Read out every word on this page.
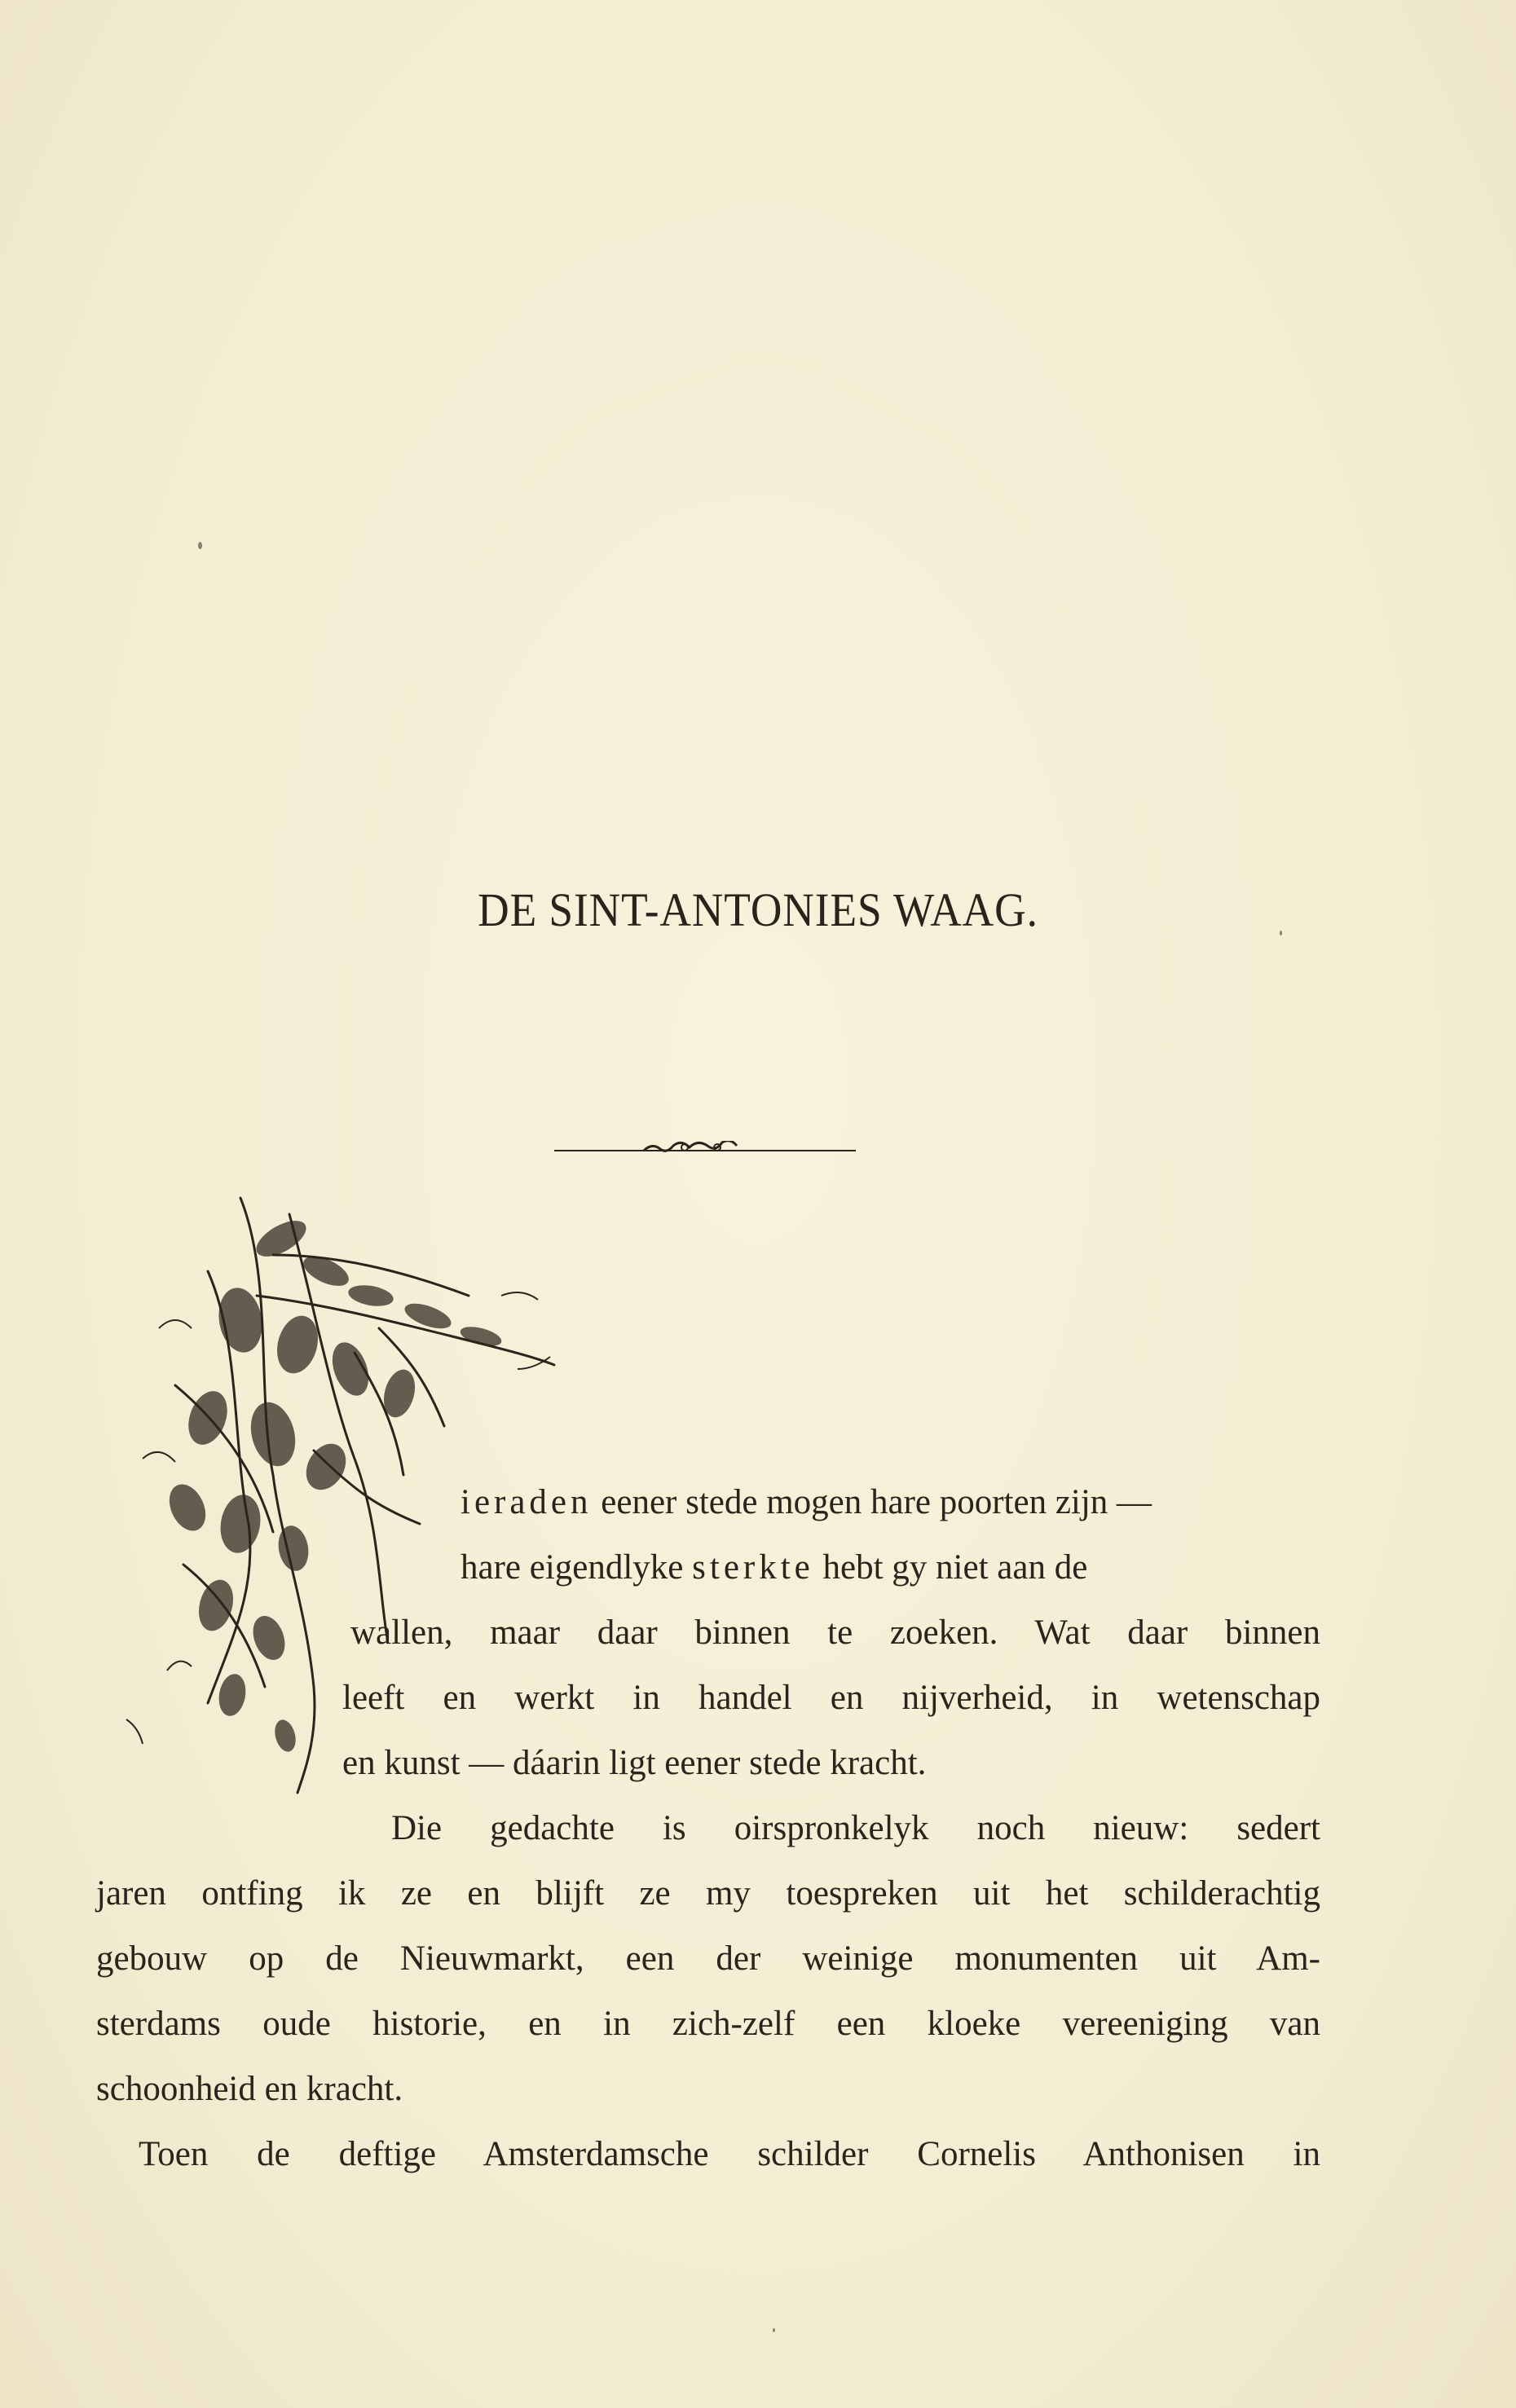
DE SINT-ANTONIES WAAG.
ieraden eener stede mogen hare poorten zijn —
hare eigendlyke sterkte hebt gy niet aan de
wallen, maar daar binnen te zoeken. Wat daar binnen
leeft en werkt in handel en nijverheid, in wetenschap
en kunst — dáarin ligt eener stede kracht.
Die gedachte is oirspronkelyk noch nieuw: sedert
jaren ontfing ik ze en blijft ze my toespreken uit het schilderachtig
gebouw op de Nieuwmarkt, een der weinige monumenten uit Am-
sterdams oude historie, en in zich-zelf een kloeke vereeniging van
schoonheid en kracht.
Toen de deftige Amsterdamsche schilder Cornelis Anthonisen in
